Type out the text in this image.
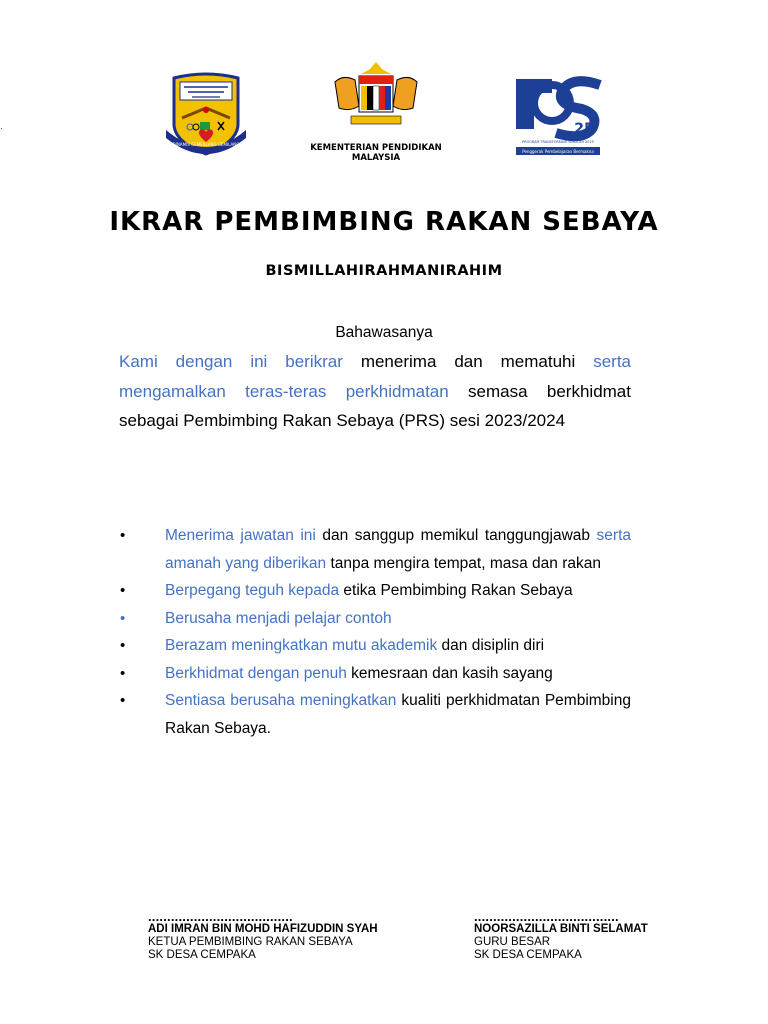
·
DINAMIS GEMERLANG GEMILANG	KEMENTERIAN PENDIDIKAN MALAYSIA
25
PROGRAM TRANSFORMASI SEKOLAH 2025
Penggerak Pembelajaran Bermakna
IKRAR PEMBIMBING RAKAN SEBAYA
BISMILLAHIRAHMANIRAHIM
Bahawasanya

Kami dengan ini berikrar menerima dan mematuhi serta mengamalkan teras-teras perkhidmatan semasa berkhidmat sebagai Pembimbing Rakan Sebaya (PRS) sesi 2023/2024

•	Menerima jawatan ini dan sanggup memikul tanggungjawab serta amanah yang diberikan tanpa mengira tempat, masa dan rakan
•	Berpegang teguh kepada etika Pembimbing Rakan Sebaya
•	Berusaha menjadi pelajar contoh
•	Berazam meningkatkan mutu akademik dan disiplin diri
•	Berkhidmat dengan penuh kemesraan dan kasih sayang
•	Sentiasa berusaha meningkatkan kualiti perkhidmatan Pembimbing Rakan Sebaya.
......................................
ADI IMRAN BIN MOHD HAFIZUDDIN SYAH
KETUA PEMBIMBING RAKAN SEBAYA
SK DESA CEMPAKA
......................................
NOORSAZILLA BINTI SELAMAT
GURU BESAR
SK DESA CEMPAKA
